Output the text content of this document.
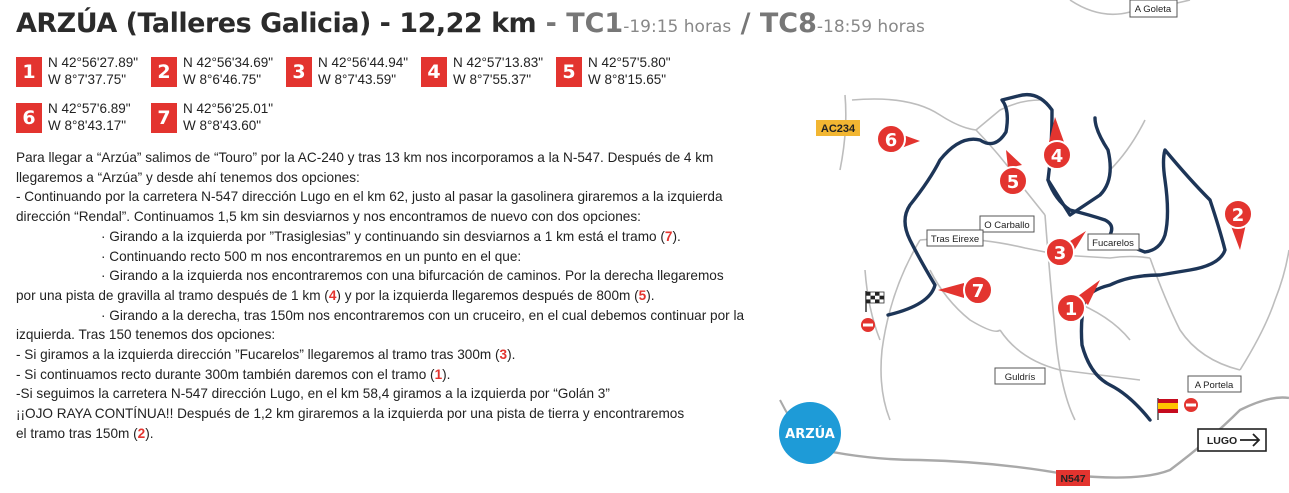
ARZÚA (Talleres Galicia) - 12,22 km - TC1-19:15 horas / TC8-18:59 horas
1 N 42°56'27.89"
W 8°7'37.75"	2 N 42°56'34.69"
W 8°6'46.75"	3 N 42°56'44.94"
W 8°7'43.59"	4 N 42°57'13.83"
W 8°7'55.37"	5 N 42°57'5.80"
W 8°8'15.65"
6 N 42°57'6.89"
W 8°8'43.17"	7 N 42°56'25.01"
W 8°8'43.60"

Para llegar a “Arzúa” salimos de “Touro” por la AC-240 y tras 13 km nos incorporamos a la N-547. Después de 4 km

llegaremos a “Arzúa” y desde ahí tenemos dos opciones:

- Continuando por la carretera N-547 dirección Lugo en el km 62, justo al pasar la gasolinera giraremos a la izquierda

dirección “Rendal”. Continuamos 1,5 km sin desviarnos y nos encontramos de nuevo con dos opciones:

· Girando a la izquierda por ”Trasiglesias” y continuando sin desviarnos a 1 km está el tramo (7).

· Continuando recto 500 m nos encontraremos en un punto en el que:

· Girando a la izquierda nos encontraremos con una bifurcación de caminos. Por la derecha llegaremos

por una pista de gravilla al tramo después de 1 km (4) y por la izquierda llegaremos después de 800m (5).

· Girando a la derecha, tras 150m nos encontraremos con un cruceiro, en el cual debemos continuar por la

izquierda. Tras 150 tenemos dos opciones:

- Si giramos a la izquierda dirección ”Fucarelos” llegaremos al tramo tras 300m (3).

- Si continuamos recto durante 300m también daremos con el tramo (1).

-Si seguimos la carretera N-547 dirección Lugo, en el km 58,4 giramos a la izquierda por “Golán 3”

¡¡OJO RAYA CONTÍNUA!! Después de 1,2 km giraremos a la izquierda por una pista de tierra y encontraremos

el tramo tras 150m (2).

AC234
N547
A Goleta
O Carballo
Tras Eirexe	Fucarelos
Guldrís
A Portela
LUGO
ARZÚA
6
5
4
3
2
7
1
